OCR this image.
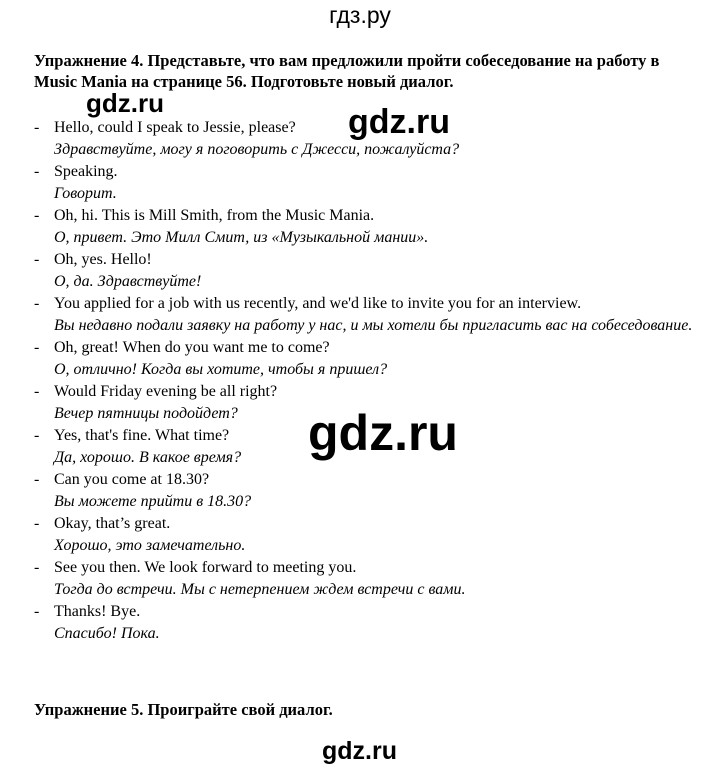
гдз.ру
Упражнение 4. Представьте, что вам предложили пройти собеседование на работу в Music Mania на странице 56. Подготовьте новый диалог.
- Hello, could I speak to Jessie, please?
Здравствуйте, могу я поговорить с Джесси, пожалуйста?
- Speaking.
Говорит.
- Oh, hi. This is Mill Smith, from the Music Mania.
О, привет. Это Милл Смит, из «Музыкальной мании».
- Oh, yes. Hello!
О, да. Здравствуйте!
- You applied for a job with us recently, and we'd like to invite you for an interview.
Вы недавно подали заявку на работу у нас, и мы хотели бы пригласить вас на собеседование.
- Oh, great! When do you want me to come?
О, отлично! Когда вы хотите, чтобы я пришел?
- Would Friday evening be all right?
Вечер пятницы подойдет?
- Yes, that's fine. What time?
Да, хорошо. В какое время?
- Can you come at 18.30?
Вы можете прийти в 18.30?
- Okay, that’s great.
Хорошо, это замечательно.
- See you then. We look forward to meeting you.
Тогда до встречи. Мы с нетерпением ждем встречи с вами.
- Thanks! Bye.
Спасибо! Пока.
Упражнение 5. Проиграйте свой диалог.
gdz.ru	gdz.ru
gdz.ru
gdz.ru
